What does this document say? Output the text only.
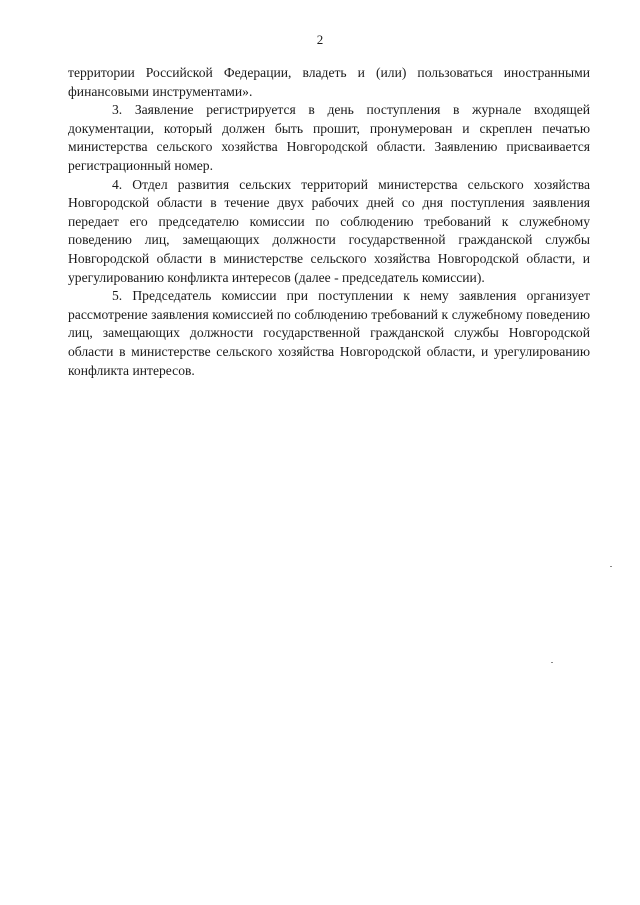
2

территории Российской Федерации, владеть и (или) пользоваться иностранными финансовыми инструментами».

3. Заявление регистрируется в день поступления в журнале входящей документации, который должен быть прошит, пронумерован и скреплен печатью министерства сельского хозяйства Новгородской области. Заявлению присваивается регистрационный номер.

4. Отдел развития сельских территорий министерства сельского хозяйства Новгородской области в течение двух рабочих дней со дня поступления заявления передает его председателю комиссии по соблюдению требований к служебному поведению лиц, замещающих должности государственной гражданской службы Новгородской области в министерстве сельского хозяйства Новгородской области, и урегулированию конфликта интересов (далее - председатель комиссии).

5. Председатель комиссии при поступлении к нему заявления организует рассмотрение заявления комиссией по соблюдению требований к служебному поведению лиц, замещающих должности государственной гражданской службы Новгородской области в министерстве сельского хозяйства Новгородской области, и урегулированию конфликта интересов.
